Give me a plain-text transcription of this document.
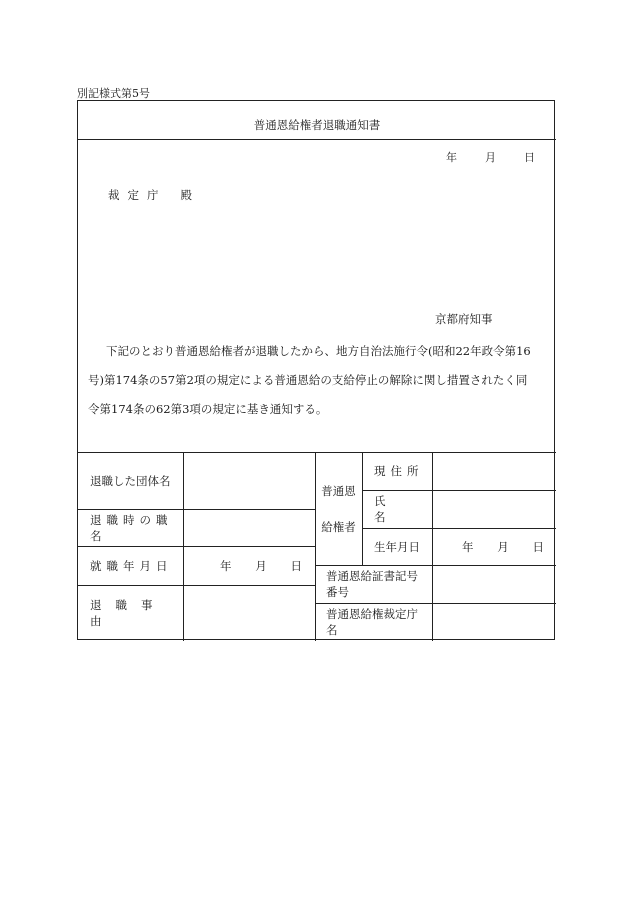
別記様式第5号
普通恩給権者退職通知書
年	月	日
裁定庁 殿
京都府知事
下記のとおり普通恩給権者が退職したから、地方自治法施行令(昭和22年政令第16
号)第174条の57第2項の規定による普通恩給の支給停止の解除に関し措置されたく同
令第174条の62第3項の規定に基き通知する。
退職した団体名
退職時の職名
就職年月日
退職事由
年 月 日
普通恩
給権者
現住所
氏名
生年月日
普通恩給証書記号番号
普通恩給権裁定庁名
年 月 日
